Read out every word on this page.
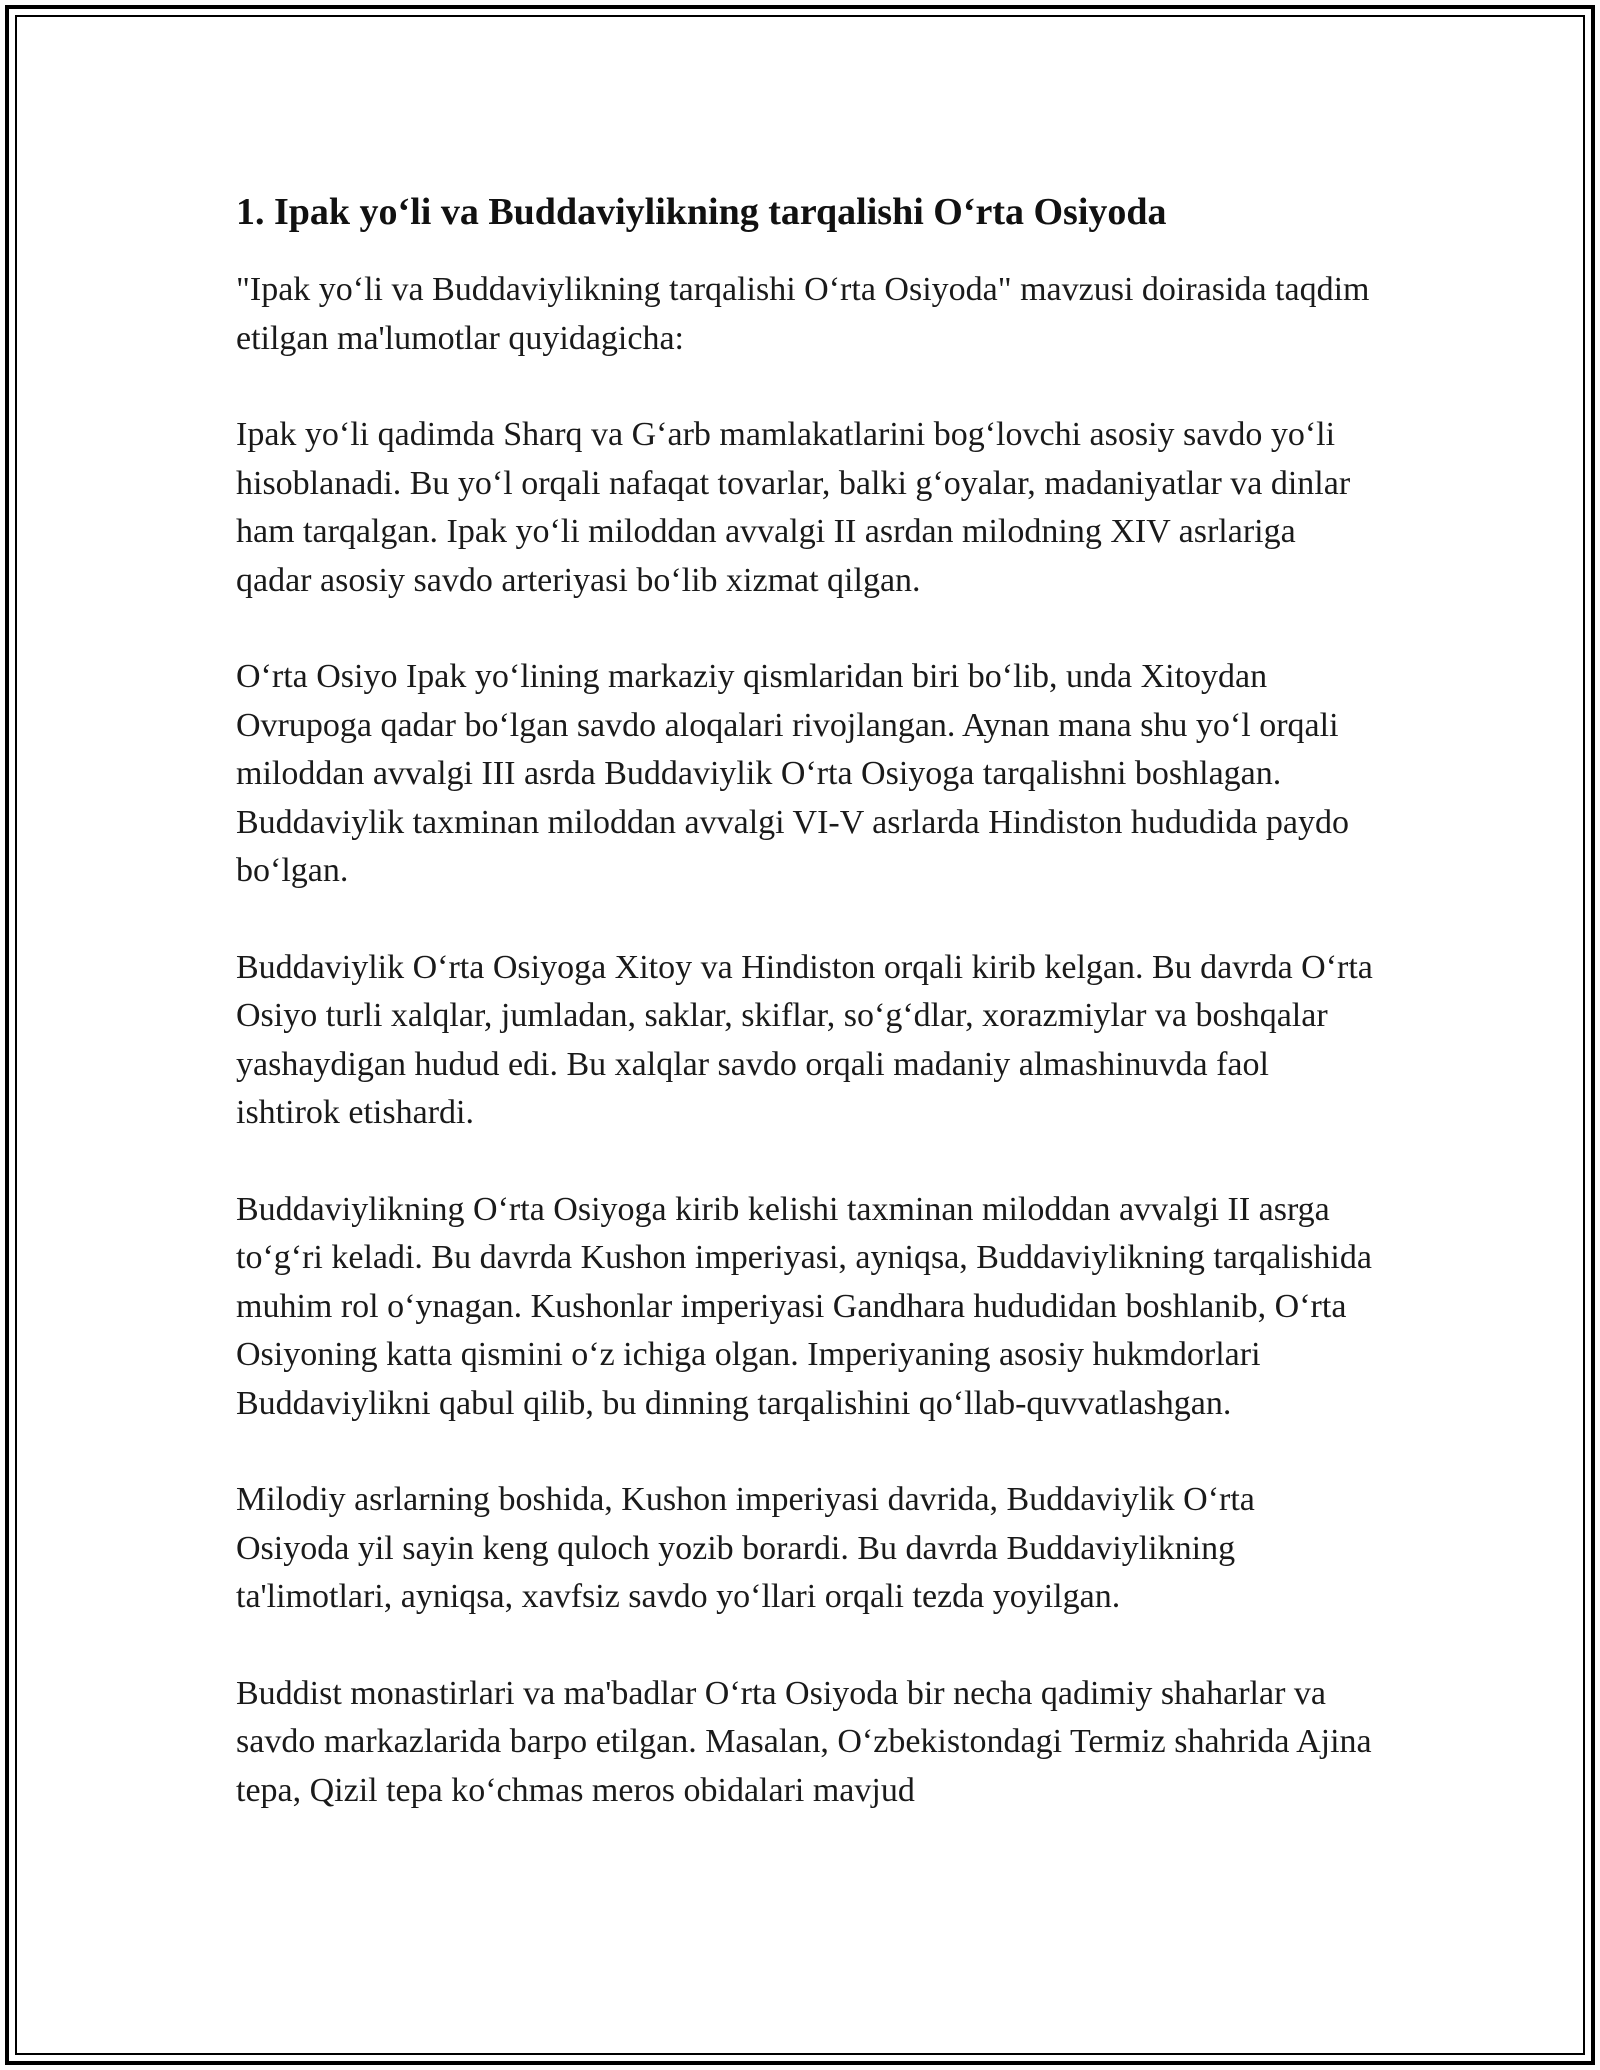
1. Ipak yo‘li va Buddaviylikning tarqalishi O‘rta Osiyoda

"Ipak yo‘li va Buddaviylikning tarqalishi O‘rta Osiyoda" mavzusi doirasida taqdim etilgan ma'lumotlar quyidagicha:

Ipak yo‘li qadimda Sharq va G‘arb mamlakatlarini bog‘lovchi asosiy savdo yo‘li hisoblanadi. Bu yo‘l orqali nafaqat tovarlar, balki g‘oyalar, madaniyatlar va dinlar ham tarqalgan. Ipak yo‘li miloddan avvalgi II asrdan milodning XIV asrlariga qadar asosiy savdo arteriyasi bo‘lib xizmat qilgan.

O‘rta Osiyo Ipak yo‘lining markaziy qismlaridan biri bo‘lib, unda Xitoydan Ovrupoga qadar bo‘lgan savdo aloqalari rivojlangan. Aynan mana shu yo‘l orqali miloddan avvalgi III asrda Buddaviylik O‘rta Osiyoga tarqalishni boshlagan. Buddaviylik taxminan miloddan avvalgi VI-V asrlarda Hindiston hududida paydo bo‘lgan.

Buddaviylik O‘rta Osiyoga Xitoy va Hindiston orqali kirib kelgan. Bu davrda O‘rta Osiyo turli xalqlar, jumladan, saklar, skiflar, so‘g‘dlar, xorazmiylar va boshqalar yashaydigan hudud edi. Bu xalqlar savdo orqali madaniy almashinuvda faol ishtirok etishardi.

Buddaviylikning O‘rta Osiyoga kirib kelishi taxminan miloddan avvalgi II asrga to‘g‘ri keladi. Bu davrda Kushon imperiyasi, ayniqsa, Buddaviylikning tarqalishida muhim rol o‘ynagan. Kushonlar imperiyasi Gandhara hududidan boshlanib, O‘rta Osiyoning katta qismini o‘z ichiga olgan. Imperiyaning asosiy hukmdorlari Buddaviylikni qabul qilib, bu dinning tarqalishini qo‘llab-quvvatlashgan.

Milodiy asrlarning boshida, Kushon imperiyasi davrida, Buddaviylik O‘rta Osiyoda yil sayin keng quloch yozib borardi. Bu davrda Buddaviylikning ta'limotlari, ayniqsa, xavfsiz savdo yo‘llari orqali tezda yoyilgan.

Buddist monastirlari va ma'badlar O‘rta Osiyoda bir necha qadimiy shaharlar va savdo markazlarida barpo etilgan. Masalan, O‘zbekistondagi Termiz shahrida Ajina tepa, Qizil tepa ko‘chmas meros obidalari mavjud
